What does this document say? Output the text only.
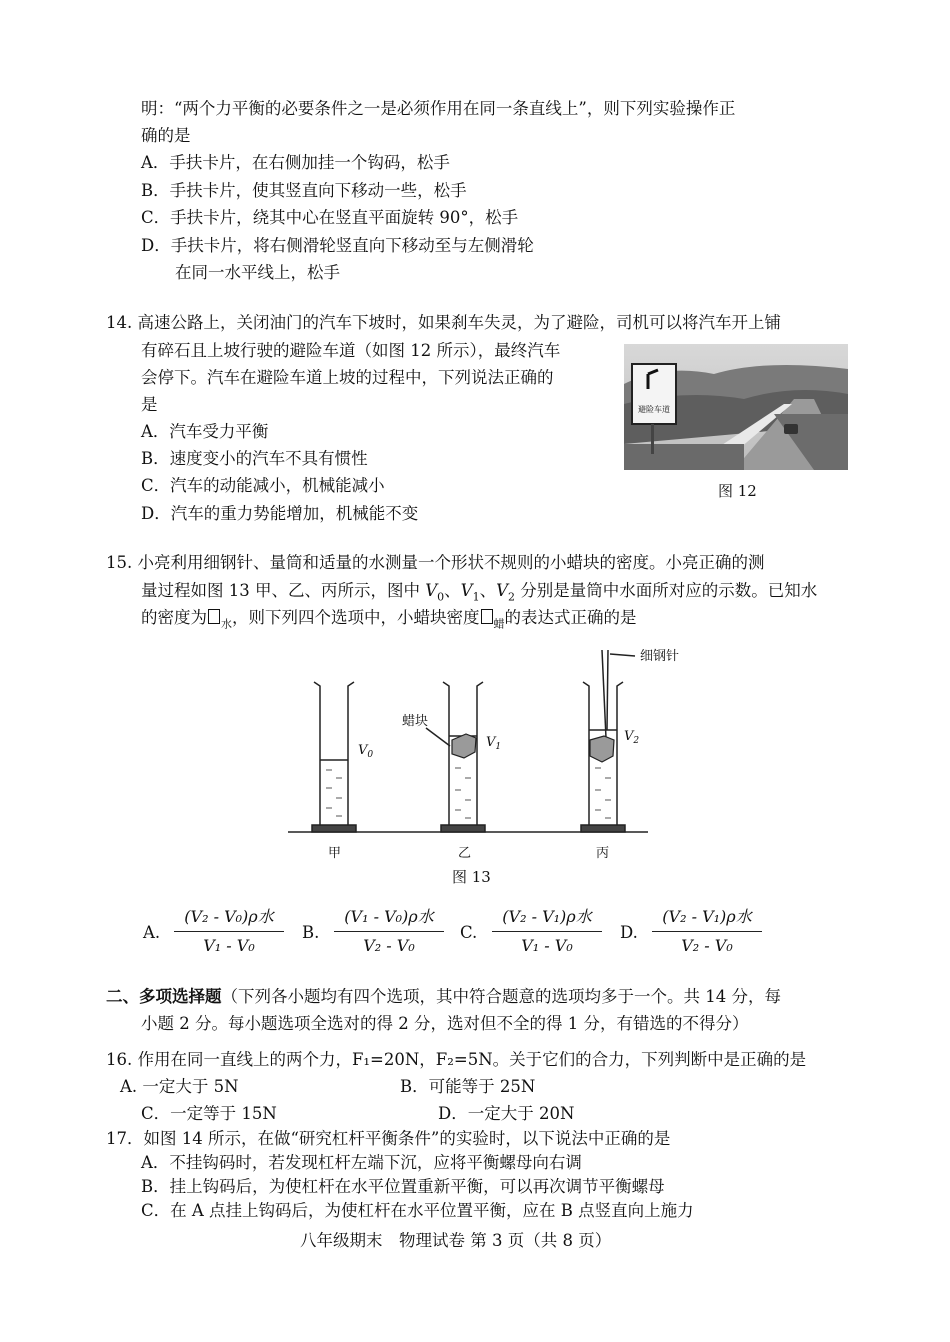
明：“两个力平衡的必要条件之一是必须作用在同一条直线上”，则下列实验操作正
确的是
A．手扶卡片，在右侧加挂一个钩码，松手
B．手扶卡片，使其竖直向下移动一些，松手
C．手扶卡片，绕其中心在竖直平面旋转 90°，松手
D．手扶卡片，将右侧滑轮竖直向下移动至与左侧滑轮
在同一水平线上，松手
14. 高速公路上，关闭油门的汽车下坡时，如果刹车失灵，为了避险，司机可以将汽车开上铺
有碎石且上坡行驶的避险车道（如图 12 所示），最终汽车
会停下。汽车在避险车道上坡的过程中，下列说法正确的
是
A．汽车受力平衡
B．速度变小的汽车不具有惯性
C．汽车的动能减小，机械能减小
D．汽车的重力势能增加，机械能不变
避险车道
图 12
15. 小亮利用细钢针、量筒和适量的水测量一个形状不规则的小蜡块的密度。小亮正确的测
量过程如图 13 甲、乙、丙所示，图中 $V_0$、$V_1$、$V_2$ 分别是量筒中水面所对应的示数。已知水
的密度为 $_水$，则下列四个选项中，小蜡块密度 $_蜡$的表达式正确的是
细钢针
蜡块
$V_0$
$V_1$
$V_2$
甲	乙	丙
图 13
A.
(V₂ - V₀)ρ水
V₁ - V₀
B.
(V₁ - V₀)ρ水
V₂ - V₀
C.
(V₂ - V₁)ρ水
V₁ - V₀
D.
(V₂ - V₁)ρ水
V₂ - V₀
二、多项选择题（下列各小题均有四个选项，其中符合题意的选项均多于一个。共 14 分，每
小题 2 分。每小题选项全选对的得 2 分，选对但不全的得 1 分，有错选的不得分）
16. 作用在同一直线上的两个力，F₁=20N，F₂=5N。关于它们的合力，下列判断中是正确的是
A. 一定大于 5N	B．可能等于 25N
C．一定等于 15N	D．一定大于 20N
17．如图 14 所示，在做“研究杠杆平衡条件”的实验时，以下说法中正确的是
A．不挂钩码时，若发现杠杆左端下沉，应将平衡螺母向右调
B．挂上钩码后，为使杠杆在水平位置重新平衡，可以再次调节平衡螺母
C．在 A 点挂上钩码后，为使杠杆在水平位置平衡，应在 B 点竖直向上施力
八年级期末　物理试卷 第 3 页（共 8 页）
